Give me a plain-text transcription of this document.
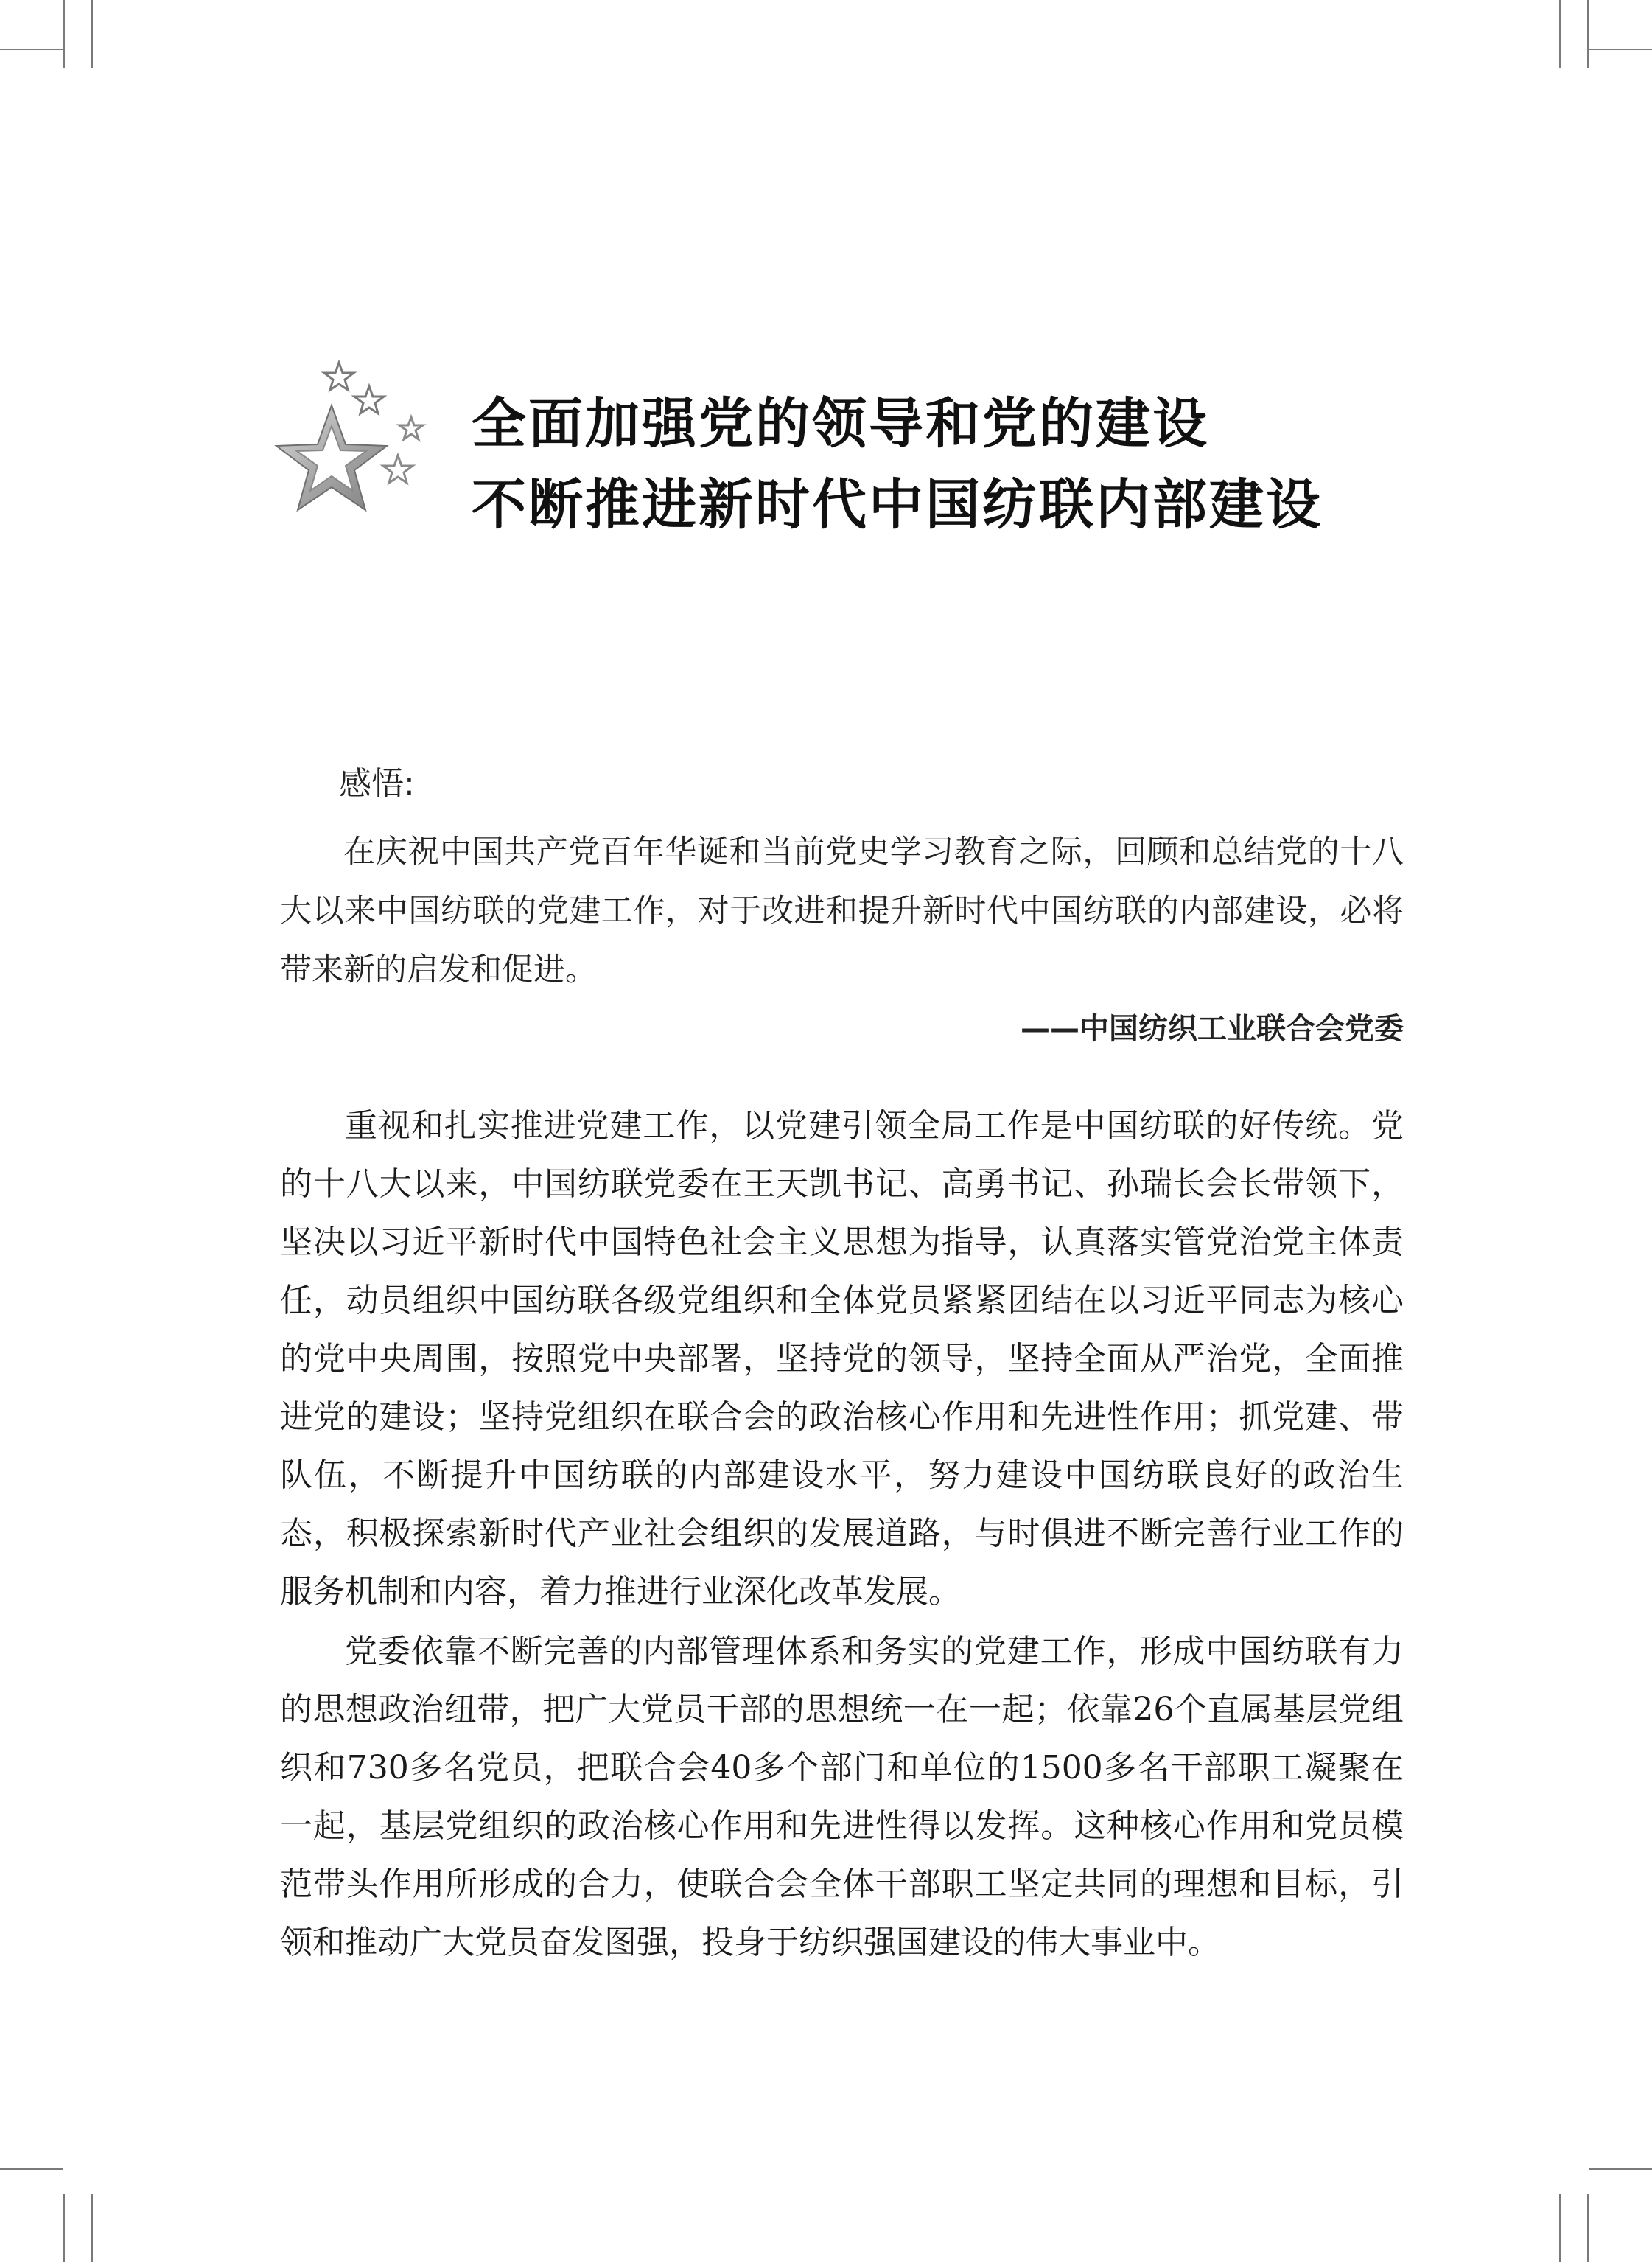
全面加强党的领导和党的建设
不断推进新时代中国纺联内部建设
感悟:
在庆祝中国共产党百年华诞和当前党史学习教育之际，回顾和总结党的十八大以来中国纺联的党建工作，对于改进和提升新时代中国纺联的内部建设，必将带来新的启发和促进。
——中国纺织工业联合会党委

重视和扎实推进党建工作，以党建引领全局工作是中国纺联的好传统。党的十八大以来，中国纺联党委在王天凯书记、高勇书记、孙瑞长会长带领下，坚决以习近平新时代中国特色社会主义思想为指导，认真落实管党治党主体责任，动员组织中国纺联各级党组织和全体党员紧紧团结在以习近平同志为核心的党中央周围，按照党中央部署，坚持党的领导，坚持全面从严治党，全面推进党的建设；坚持党组织在联合会的政治核心作用和先进性作用；抓党建、带队伍，不断提升中国纺联的内部建设水平，努力建设中国纺联良好的政治生态，积极探索新时代产业社会组织的发展道路，与时俱进不断完善行业工作的服务机制和内容，着力推进行业深化改革发展。

党委依靠不断完善的内部管理体系和务实的党建工作，形成中国纺联有力的思想政治纽带，把广大党员干部的思想统一在一起；依靠26个直属基层党组织和730多名党员，把联合会40多个部门和单位的1500多名干部职工凝聚在一起，基层党组织的政治核心作用和先进性得以发挥。这种核心作用和党员模范带头作用所形成的合力，使联合会全体干部职工坚定共同的理想和目标，引领和推动广大党员奋发图强，投身于纺织强国建设的伟大事业中。
